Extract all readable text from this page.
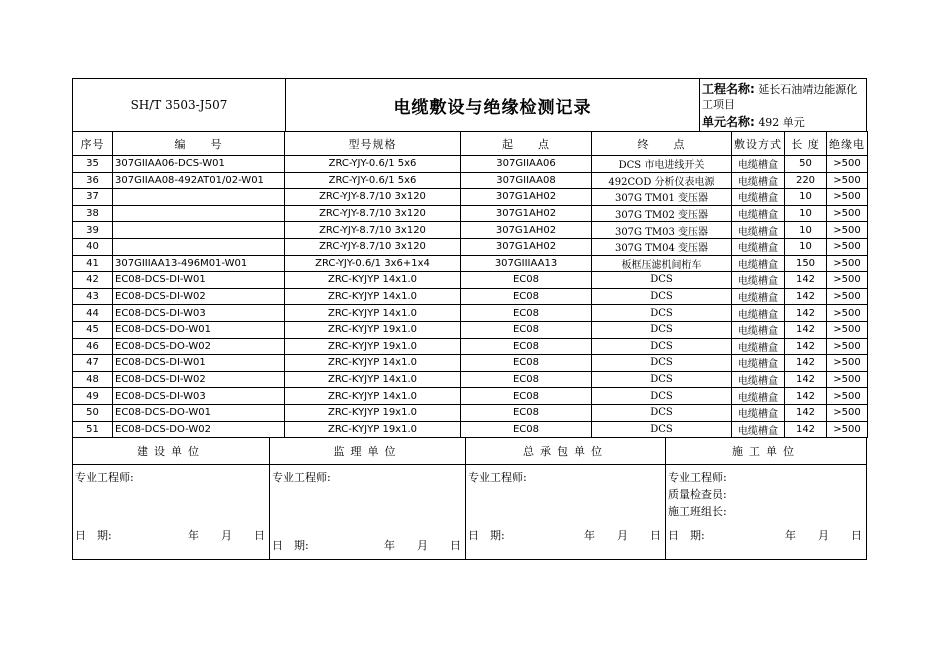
SH/T 3503-J507	电缆敷设与绝缘检测记录
工程名称: 延长石油靖边能源化工项目
单元名称: 492 单元
序号	编　　号	型号规格	起　　点	终　　点	敷设方式	长 度	绝缘电
35	307GIIAA06-DCS-W01	ZRC-YJY-0.6/1 5x6	307GIIAA06	DCS 市电进线开关	电缆槽盒	50	>500
36	307GIIAA08-492AT01/02-W01	ZRC-YJY-0.6/1 5x6	307GIIAA08	492COD 分析仪表电源	电缆槽盒	220	>500
37		ZRC-YJY-8.7/10 3x120	307G1AH02	307G TM01 变压器	电缆槽盒	10	>500
38		ZRC-YJY-8.7/10 3x120	307G1AH02	307G TM02 变压器	电缆槽盒	10	>500
39		ZRC-YJY-8.7/10 3x120	307G1AH02	307G TM03 变压器	电缆槽盒	10	>500
40		ZRC-YJY-8.7/10 3x120	307G1AH02	307G TM04 变压器	电缆槽盒	10	>500
41	307GIIIAA13-496M01-W01	ZRC-YJY-0.6/1 3x6+1x4	307GIIIAA13	板框压滤机间桁车	电缆槽盒	150	>500
42	EC08-DCS-DI-W01	ZRC-KYJYP 14x1.0	EC08	DCS	电缆槽盒	142	>500
43	EC08-DCS-DI-W02	ZRC-KYJYP 14x1.0	EC08	DCS	电缆槽盒	142	>500
44	EC08-DCS-DI-W03	ZRC-KYJYP 14x1.0	EC08	DCS	电缆槽盒	142	>500
45	EC08-DCS-DO-W01	ZRC-KYJYP 19x1.0	EC08	DCS	电缆槽盒	142	>500
46	EC08-DCS-DO-W02	ZRC-KYJYP 19x1.0	EC08	DCS	电缆槽盒	142	>500
47	EC08-DCS-DI-W01	ZRC-KYJYP 14x1.0	EC08	DCS	电缆槽盒	142	>500
48	EC08-DCS-DI-W02	ZRC-KYJYP 14x1.0	EC08	DCS	电缆槽盒	142	>500
49	EC08-DCS-DI-W03	ZRC-KYJYP 14x1.0	EC08	DCS	电缆槽盒	142	>500
50	EC08-DCS-DO-W01	ZRC-KYJYP 19x1.0	EC08	DCS	电缆槽盒	142	>500
51	EC08-DCS-DO-W02	ZRC-KYJYP 19x1.0	EC08	DCS	电缆槽盒	142	>500
建设单位
专业工程师:
日　期:	年 月 日
监理单位
专业工程师:
日　期:	年 月 日
总承包单位
专业工程师:
日　期:	年 月 日
施工单位
专业工程师:
质量检查员:
施工班组长:
日　期:	年 月 日
